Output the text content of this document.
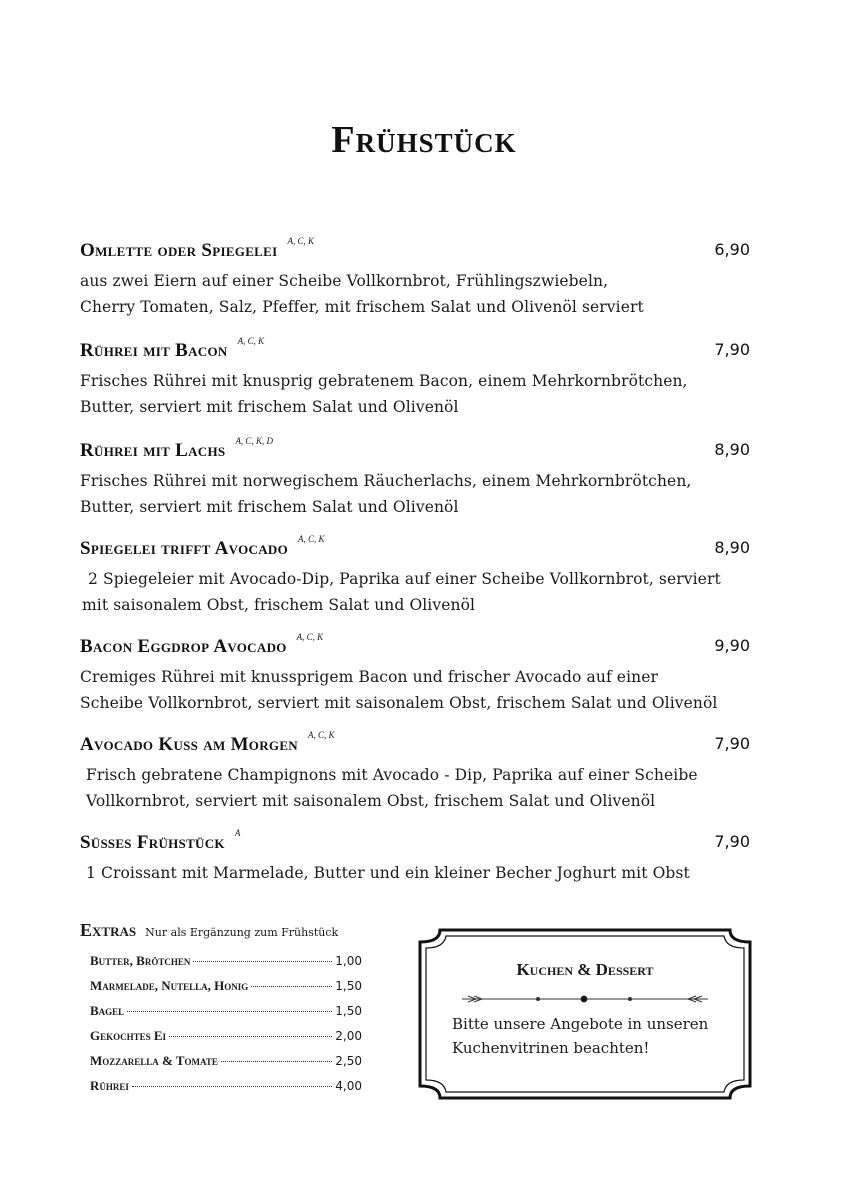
Frühstück
Omlette oder Spiegelei $^{A, C, K}$	6,90
aus zwei Eiern auf einer Scheibe Vollkornbrot, Frühlingszwiebeln,
Cherry Tomaten, Salz, Pfeffer, mit frischem Salat und Olivenöl serviert
Rührei mit Bacon $^{A, C, K}$	7,90
Frisches Rührei mit knusprig gebratenem Bacon, einem Mehrkornbrötchen,
Butter, serviert mit frischem Salat und Olivenöl
Rührei mit Lachs $^{A, C, K, D}$	8,90
Frisches Rührei mit norwegischem Räucherlachs, einem Mehrkornbrötchen,
Butter, serviert mit frischem Salat und Olivenöl
Spiegelei trifft Avocado $^{A, C, K}$	8,90
2 Spiegeleier mit Avocado-Dip, Paprika auf einer Scheibe Vollkornbrot, serviert
mit saisonalem Obst, frischem Salat und Olivenöl
Bacon Eggdrop Avocado $^{A, C, K}$	9,90
Cremiges Rührei mit knussprigem Bacon und frischer Avocado auf einer
Scheibe Vollkornbrot, serviert mit saisonalem Obst, frischem Salat und Olivenöl
Avocado Kuss am Morgen $^{A, C, K}$	7,90
Frisch gebratene Champignons mit Avocado - Dip, Paprika auf einer Scheibe
Vollkornbrot, serviert mit saisonalem Obst, frischem Salat und Olivenöl
Süßes Frühstück $^A$	7,90
1 Croissant mit Marmelade, Butter und ein kleiner Becher Joghurt mit Obst
Extras Nur als Ergänzung zum Frühstück
Butter, Brötchen	1,00
Marmelade, Nutella, Honig	1,50
Bagel	1,50
Gekochtes Ei	2,00
Mozzarella & Tomate	2,50
Rührei	4,00
Kuchen & Dessert
Bitte unsere Angebote in unseren
Kuchenvitrinen beachten!
